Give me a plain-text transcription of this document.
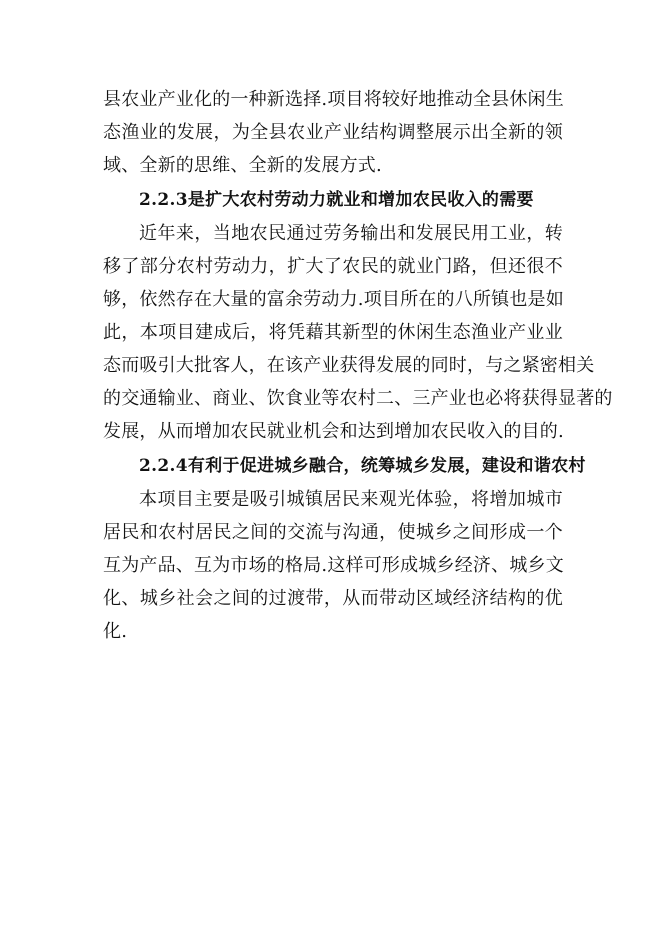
县农业产业化的一种新选择.项目将较好地推动全县休闲生
态渔业的发展，为全县农业产业结构调整展示出全新的领
域、全新的思维、全新的发展方式.
2.2.3是扩大农村劳动力就业和增加农民收入的需要
近年来，当地农民通过劳务输出和发展民用工业，转
移了部分农村劳动力，扩大了农民的就业门路，但还很不
够，依然存在大量的富余劳动力.项目所在的八所镇也是如
此，本项目建成后，将凭藉其新型的休闲生态渔业产业业
态而吸引大批客人，在该产业获得发展的同时，与之紧密相关
的交通输业、商业、饮食业等农村二、三产业也必将获得显著的
发展，从而增加农民就业机会和达到增加农民收入的目的.
2.2.4有利于促进城乡融合，统筹城乡发展，建设和谐农村
本项目主要是吸引城镇居民来观光体验，将增加城市
居民和农村居民之间的交流与沟通，使城乡之间形成一个
互为产品、互为市场的格局.这样可形成城乡经济、城乡文
化、城乡社会之间的过渡带，从而带动区域经济结构的优
化.
